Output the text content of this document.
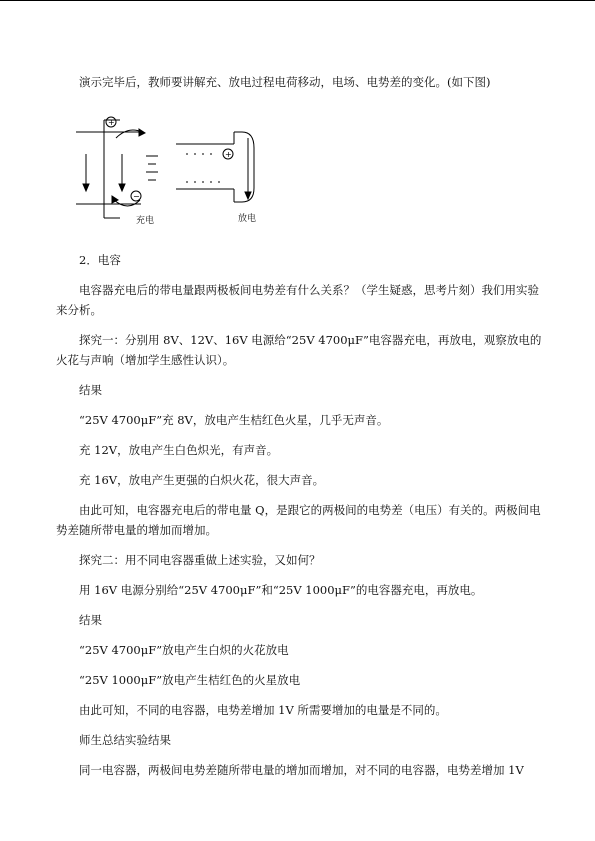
演示完毕后，教师要讲解充、放电过程电荷移动，电场、电势差的变化。(如下图)

+
−
+
充电	放电

2．电容

电容器充电后的带电量跟两极板间电势差有什么关系？（学生疑惑，思考片刻）我们用实验来分析。

探究一：分别用 8V、12V、16V 电源给“25V 4700μF”电容器充电，再放电，观察放电的火花与声响（增加学生感性认识）。

结果

“25V 4700μF”充 8V，放电产生桔红色火星，几乎无声音。

充 12V，放电产生白色炽光，有声音。

充 16V，放电产生更强的白炽火花，很大声音。

由此可知，电容器充电后的带电量 Q，是跟它的两极间的电势差（电压）有关的。两极间电势差随所带电量的增加而增加。

探究二：用不同电容器重做上述实验，又如何？

用 16V 电源分别给“25V 4700μF”和“25V 1000μF”的电容器充电，再放电。

结果

“25V 4700μF”放电产生白炽的火花放电

“25V 1000μF”放电产生桔红色的火星放电

由此可知，不同的电容器，电势差增加 1V 所需要增加的电量是不同的。

师生总结实验结果

同一电容器，两极间电势差随所带电量的增加而增加，对不同的电容器，电势差增加 1V
